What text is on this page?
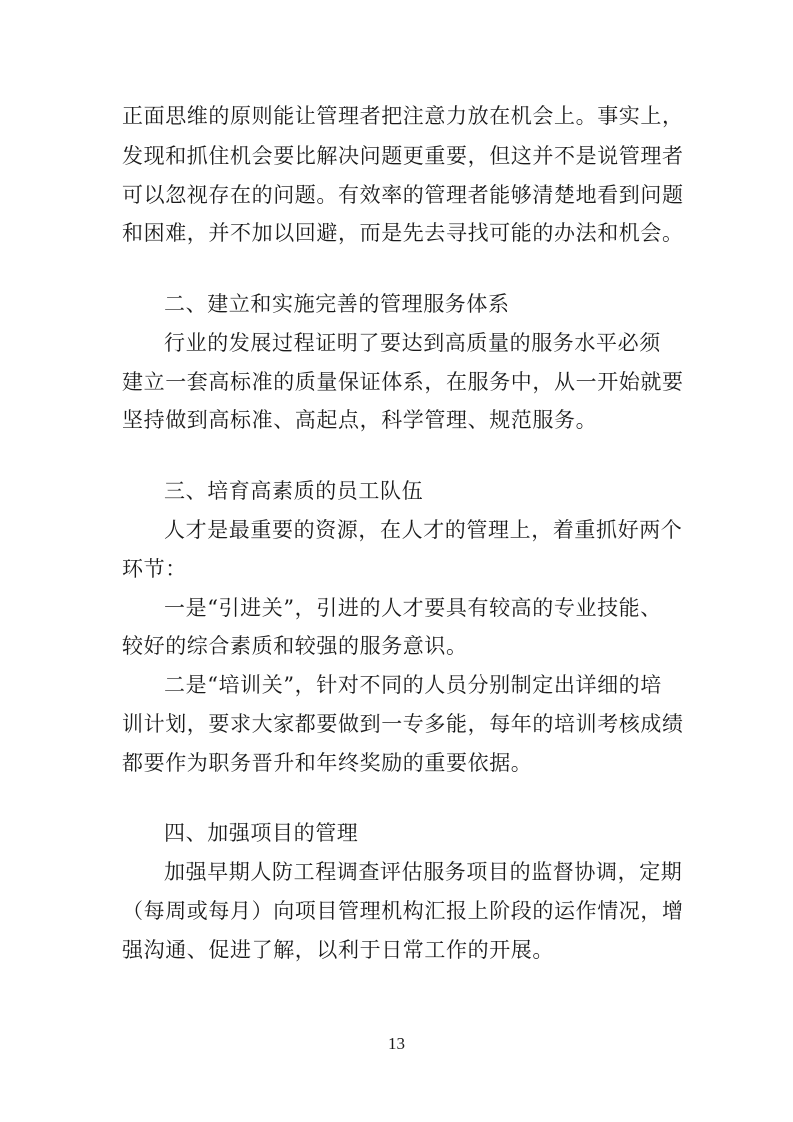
正面思维的原则能让管理者把注意力放在机会上。事实上，
发现和抓住机会要比解决问题更重要，但这并不是说管理者
可以忽视存在的问题。有效率的管理者能够清楚地看到问题
和困难，并不加以回避，而是先去寻找可能的办法和机会。
二、建立和实施完善的管理服务体系
行业的发展过程证明了要达到高质量的服务水平必须
建立一套高标准的质量保证体系，在服务中，从一开始就要
坚持做到高标准、高起点，科学管理、规范服务。
三、培育高素质的员工队伍
人才是最重要的资源，在人才的管理上，着重抓好两个
环节：
一是“引进关”，引进的人才要具有较高的专业技能、
较好的综合素质和较强的服务意识。
二是“培训关”，针对不同的人员分别制定出详细的培
训计划，要求大家都要做到一专多能，每年的培训考核成绩
都要作为职务晋升和年终奖励的重要依据。
四、加强项目的管理
加强早期人防工程调查评估服务项目的监督协调，定期
（每周或每月）向项目管理机构汇报上阶段的运作情况，增
强沟通、促进了解，以利于日常工作的开展。
13
